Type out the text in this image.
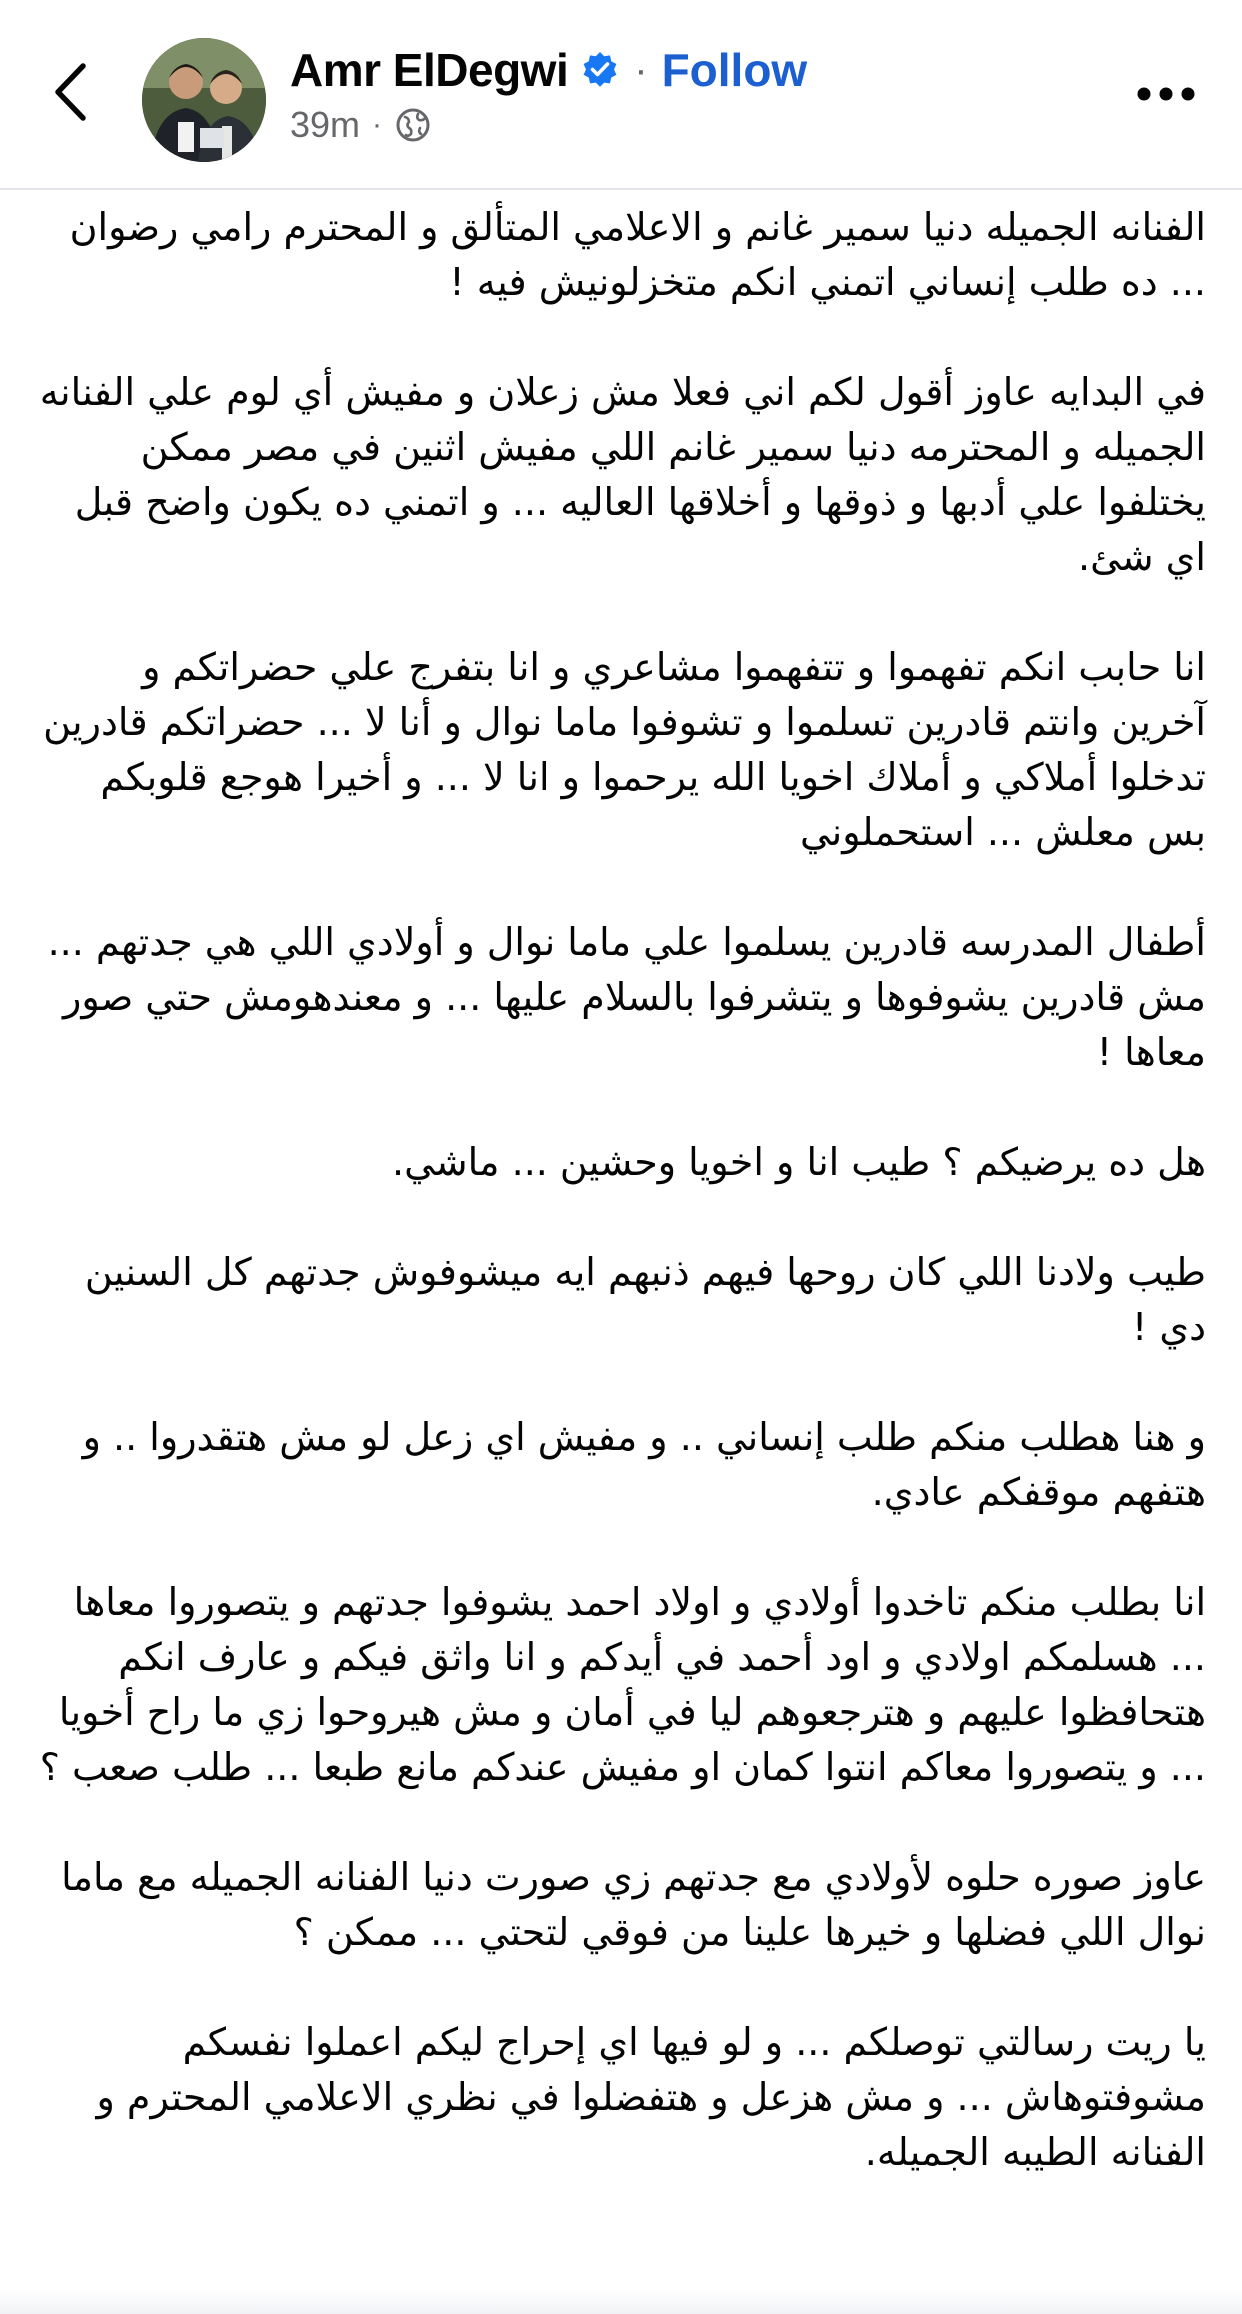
Amr ElDegwi · Follow
39m ·

الفنانه الجميله دنيا سمير غانم و الاعلامي المتألق و المحترم رامي رضوان ... ده طلب إنساني اتمني انكم متخزلونيش فيه !

في البدايه عاوز أقول لكم اني فعلا مش زعلان و مفيش أي لوم علي الفنانه الجميله و المحترمه دنيا سمير غانم اللي مفيش اثنين في مصر ممكن يختلفوا علي أدبها و ذوقها و أخلاقها العاليه ... و اتمني ده يكون واضح قبل اي شئ.

انا حابب انكم تفهموا و تتفهموا مشاعري و انا بتفرج علي حضراتكم و آخرين وانتم قادرين تسلموا و تشوفوا ماما نوال و أنا لا ... حضراتكم قادرين تدخلوا أملاكي و أملاك اخويا الله يرحموا و انا لا ... و أخيرا هوجع قلوبكم بس معلش ... استحملوني

أطفال المدرسه قادرين يسلموا علي ماما نوال و أولادي اللي هي جدتهم ... مش قادرين يشوفوها و يتشرفوا بالسلام عليها ... و معندهومش حتي صور معاها !

هل ده يرضيكم ؟ طيب انا و اخويا وحشين ... ماشي.

طيب ولادنا اللي كان روحها فيهم ذنبهم ايه ميشوفوش جدتهم كل السنين دي !

و هنا هطلب منكم طلب إنساني .. و مفيش اي زعل لو مش هتقدروا .. و هتفهم موقفكم عادي.

انا بطلب منكم تاخدوا أولادي و اولاد احمد يشوفوا جدتهم و يتصوروا معاها ... هسلمكم اولادي و اود أحمد في أيدكم و انا واثق فيكم و عارف انكم هتحافظوا عليهم و هترجعوهم ليا في أمان و مش هيروحوا زي ما راح أخويا ... و يتصوروا معاكم انتوا كمان او مفيش عندكم مانع طبعا ... طلب صعب ؟

عاوز صوره حلوه لأولادي مع جدتهم زي صورت دنيا الفنانه الجميله مع ماما نوال اللي فضلها و خيرها علينا من فوقي لتحتي ... ممكن ؟

يا ريت رسالتي توصلكم ... و لو فيها اي إحراج ليكم اعملوا نفسكم مشوفتوهاش ... و مش هزعل و هتفضلوا في نظري الاعلامي المحترم و الفنانه الطيبه الجميله.
